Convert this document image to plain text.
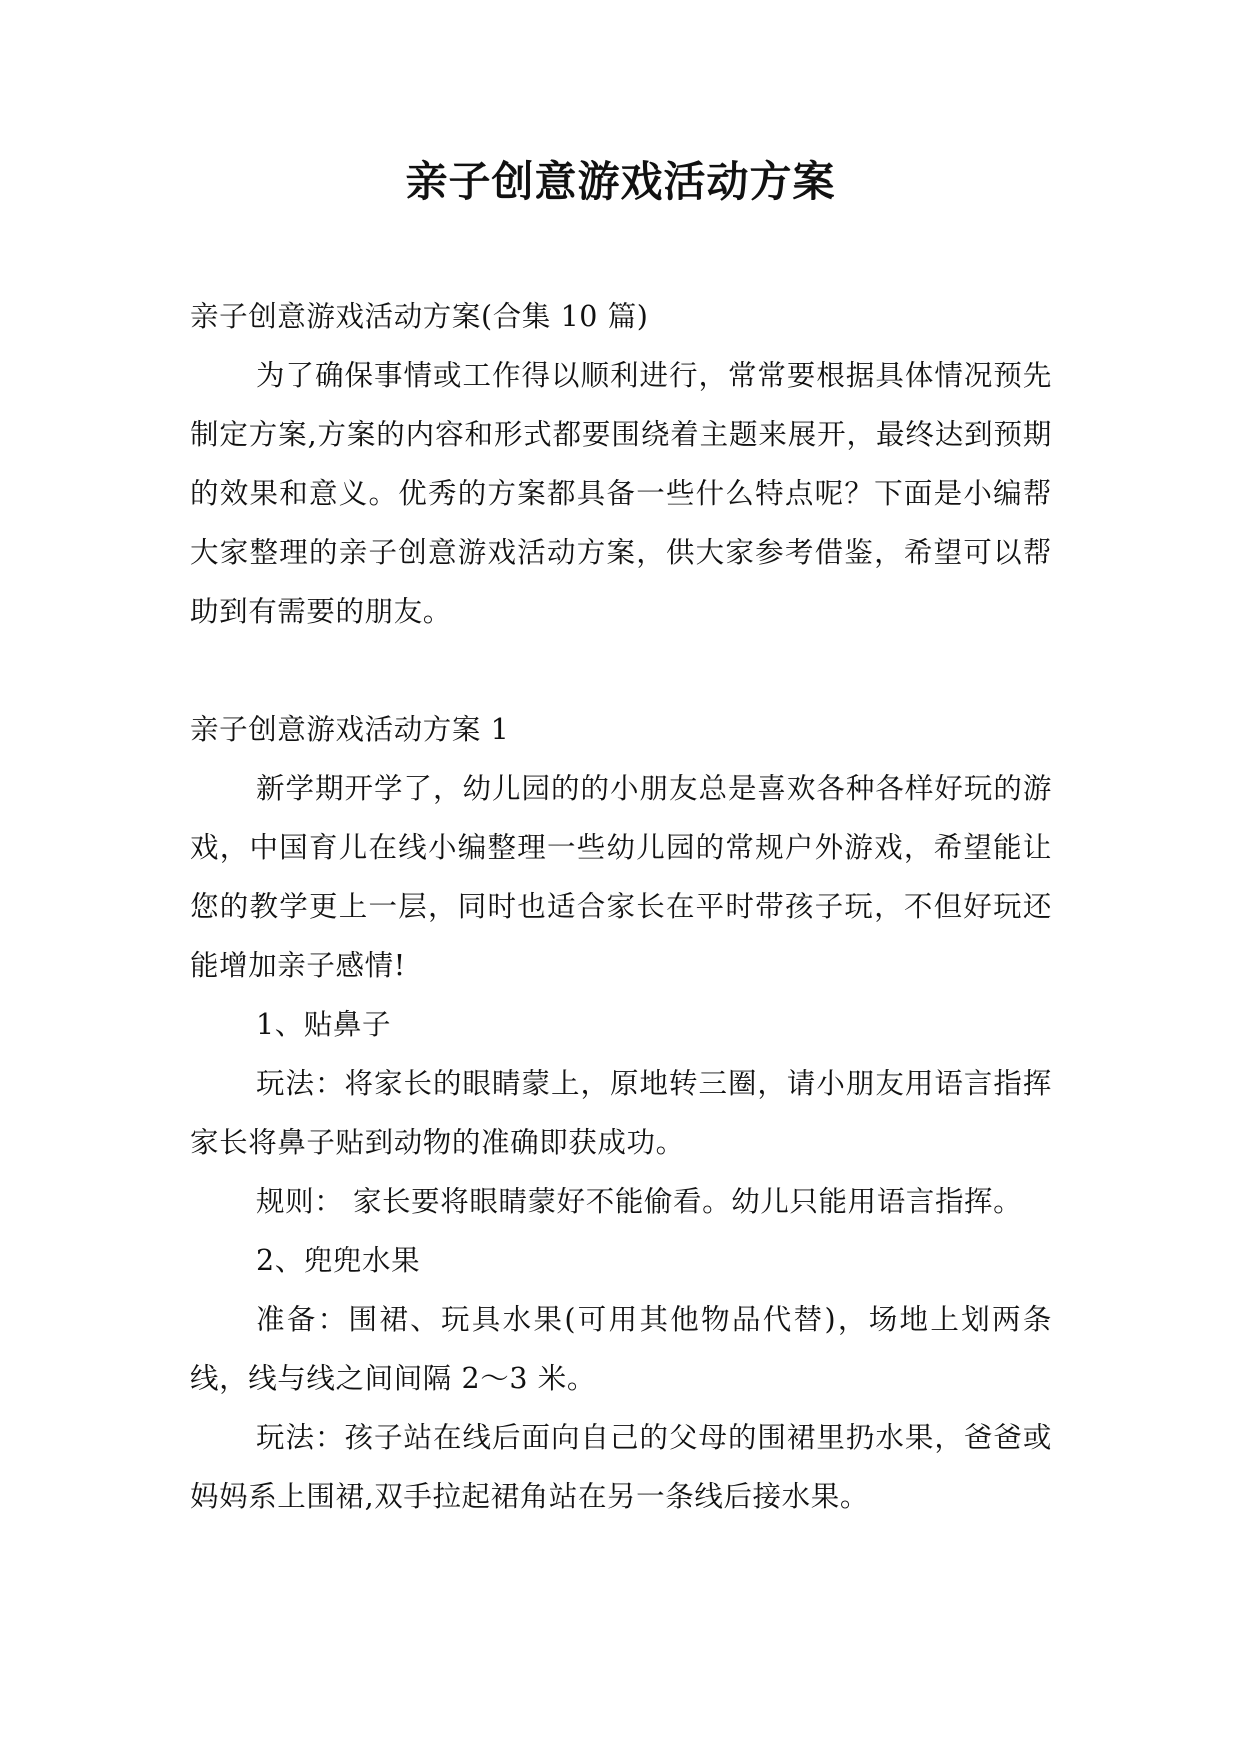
亲子创意游戏活动方案

亲子创意游戏活动方案(合集 10 篇)

为了确保事情或工作得以顺利进行，常常要根据具体情况预先制定方案,方案的内容和形式都要围绕着主题来展开，最终达到预期的效果和意义。优秀的方案都具备一些什么特点呢？下面是小编帮大家整理的亲子创意游戏活动方案，供大家参考借鉴，希望可以帮助到有需要的朋友。

亲子创意游戏活动方案 1

新学期开学了，幼儿园的的小朋友总是喜欢各种各样好玩的游戏，中国育儿在线小编整理一些幼儿园的常规户外游戏，希望能让您的教学更上一层，同时也适合家长在平时带孩子玩，不但好玩还能增加亲子感情!

1、贴鼻子

玩法：将家长的眼睛蒙上，原地转三圈，请小朋友用语言指挥家长将鼻子贴到动物的准确即获成功。

规则： 家长要将眼睛蒙好不能偷看。幼儿只能用语言指挥。

2、兜兜水果

准备：围裙、玩具水果(可用其他物品代替)，场地上划两条线，线与线之间间隔 2～3 米。

玩法：孩子站在线后面向自己的父母的围裙里扔水果，爸爸或妈妈系上围裙,双手拉起裙角站在另一条线后接水果。
